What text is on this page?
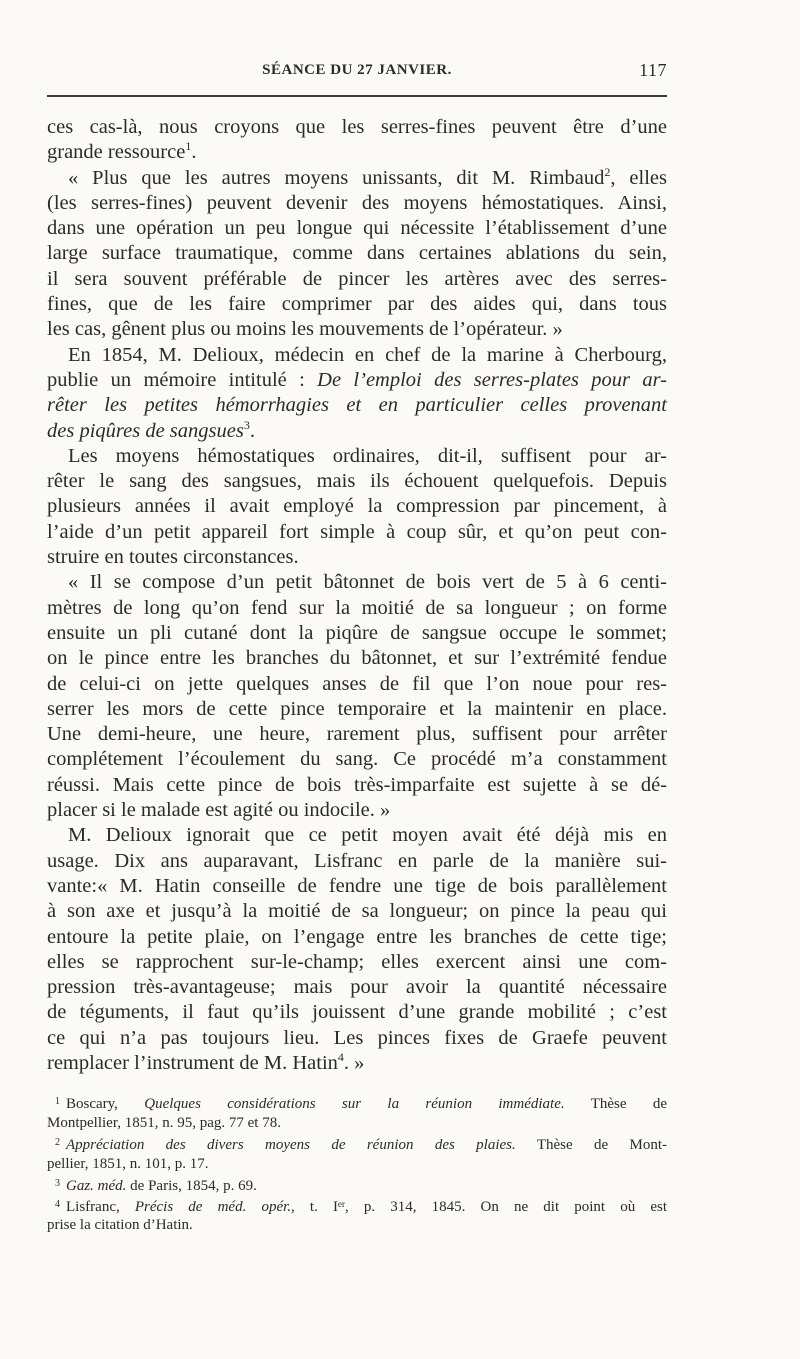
SÉANCE DU 27 JANVIER.	117
ces cas-là, nous croyons que les serres-fines peuvent être d’une
grande ressource$^1$.
« Plus que les autres moyens unissants, dit M. Rimbaud$^2$, elles
(les serres-fines) peuvent devenir des moyens hémostatiques. Ainsi,
dans une opération un peu longue qui nécessite l’établissement d’une
large surface traumatique, comme dans certaines ablations du sein,
il sera souvent préférable de pincer les artères avec des serres-
fines, que de les faire comprimer par des aides qui, dans tous
les cas, gênent plus ou moins les mouvements de l’opérateur. »
En 1854, M. Delioux, médecin en chef de la marine à Cherbourg,
publie un mémoire intitulé : De l’emploi des serres-plates pour ar-
rêter les petites hémorrhagies et en particulier celles provenant
des piqûres de sangsues$^3$.
Les moyens hémostatiques ordinaires, dit-il, suffisent pour ar-
rêter le sang des sangsues, mais ils échouent quelquefois. Depuis
plusieurs années il avait employé la compression par pincement, à
l’aide d’un petit appareil fort simple à coup sûr, et qu’on peut con-
struire en toutes circonstances.
« Il se compose d’un petit bâtonnet de bois vert de 5 à 6 centi-
mètres de long qu’on fend sur la moitié de sa longueur ; on forme
ensuite un pli cutané dont la piqûre de sangsue occupe le sommet;
on le pince entre les branches du bâtonnet, et sur l’extrémité fendue
de celui-ci on jette quelques anses de fil que l’on noue pour res-
serrer les mors de cette pince temporaire et la maintenir en place.
Une demi-heure, une heure, rarement plus, suffisent pour arrêter
complétement l’écoulement du sang. Ce procédé m’a constamment
réussi. Mais cette pince de bois très-imparfaite est sujette à se dé-
placer si le malade est agité ou indocile. »
M. Delioux ignorait que ce petit moyen avait été déjà mis en
usage. Dix ans auparavant, Lisfranc en parle de la manière sui-
vante:« M. Hatin conseille de fendre une tige de bois parallèlement
à son axe et jusqu’à la moitié de sa longueur; on pince la peau qui
entoure la petite plaie, on l’engage entre les branches de cette tige;
elles se rapprochent sur-le-champ; elles exercent ainsi une com-
pression très-avantageuse; mais pour avoir la quantité nécessaire
de téguments, il faut qu’ils jouissent d’une grande mobilité ; c’est
ce qui n’a pas toujours lieu. Les pinces fixes de Graefe peuvent
remplacer l’instrument de M. Hatin$^4$. »
$^1$ Boscary, Quelques considérations sur la réunion immédiate. Thèse de
Montpellier, 1851, n. 95, pag. 77 et 78.
$^2$ Appréciation des divers moyens de réunion des plaies. Thèse de Mont-
pellier, 1851, n. 101, p. 17.
$^3$ Gaz. méd. de Paris, 1854, p. 69.
$^4$ Lisfranc, Précis de méd. opér., t. Iᵉʳ, p. 314, 1845. On ne dit point où est
prise la citation d’Hatin.
